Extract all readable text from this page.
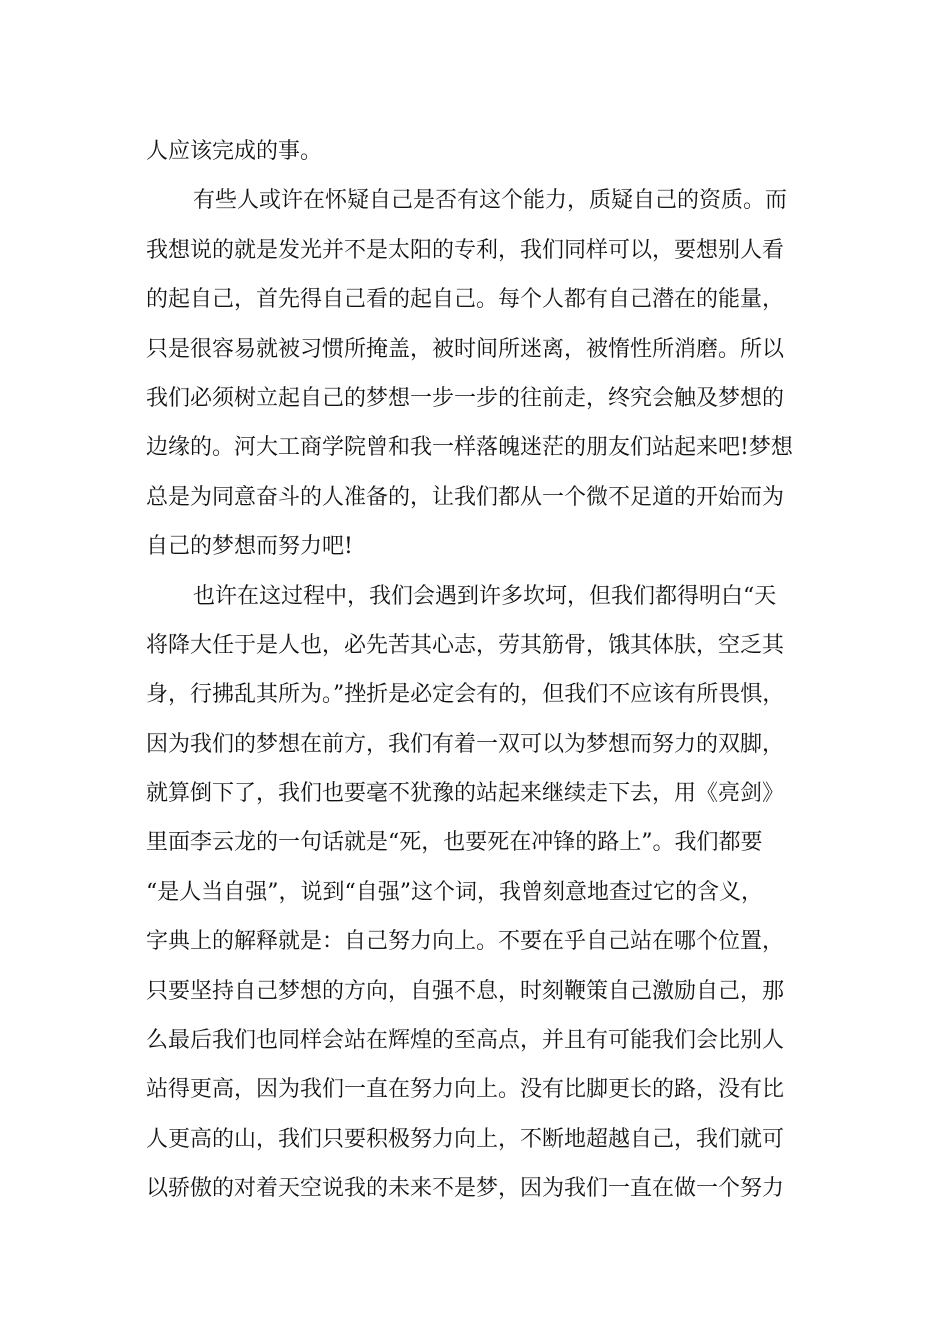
人应该完成的事。
有些人或许在怀疑自己是否有这个能力，质疑自己的资质。而
我想说的就是发光并不是太阳的专利，我们同样可以，要想别人看
的起自己，首先得自己看的起自己。每个人都有自己潜在的能量，
只是很容易就被习惯所掩盖，被时间所迷离，被惰性所消磨。所以
我们必须树立起自己的梦想一步一步的往前走，终究会触及梦想的
边缘的。河大工商学院曾和我一样落魄迷茫的朋友们站起来吧!梦想
总是为同意奋斗的人准备的，让我们都从一个微不足道的开始而为
自己的梦想而努力吧!
也许在这过程中，我们会遇到许多坎坷，但我们都得明白“天
将降大任于是人也，必先苦其心志，劳其筋骨，饿其体肤，空乏其
身，行拂乱其所为。”挫折是必定会有的，但我们不应该有所畏惧，
因为我们的梦想在前方，我们有着一双可以为梦想而努力的双脚，
就算倒下了，我们也要毫不犹豫的站起来继续走下去，用《亮剑》
里面李云龙的一句话就是“死，也要死在冲锋的路上”。我们都要
“是人当自强”，说到“自强”这个词，我曾刻意地查过它的含义，
字典上的解释就是：自己努力向上。不要在乎自己站在哪个位置，
只要坚持自己梦想的方向，自强不息，时刻鞭策自己激励自己，那
么最后我们也同样会站在辉煌的至高点，并且有可能我们会比别人
站得更高，因为我们一直在努力向上。没有比脚更长的路，没有比
人更高的山，我们只要积极努力向上，不断地超越自己，我们就可
以骄傲的对着天空说我的未来不是梦，因为我们一直在做一个努力
